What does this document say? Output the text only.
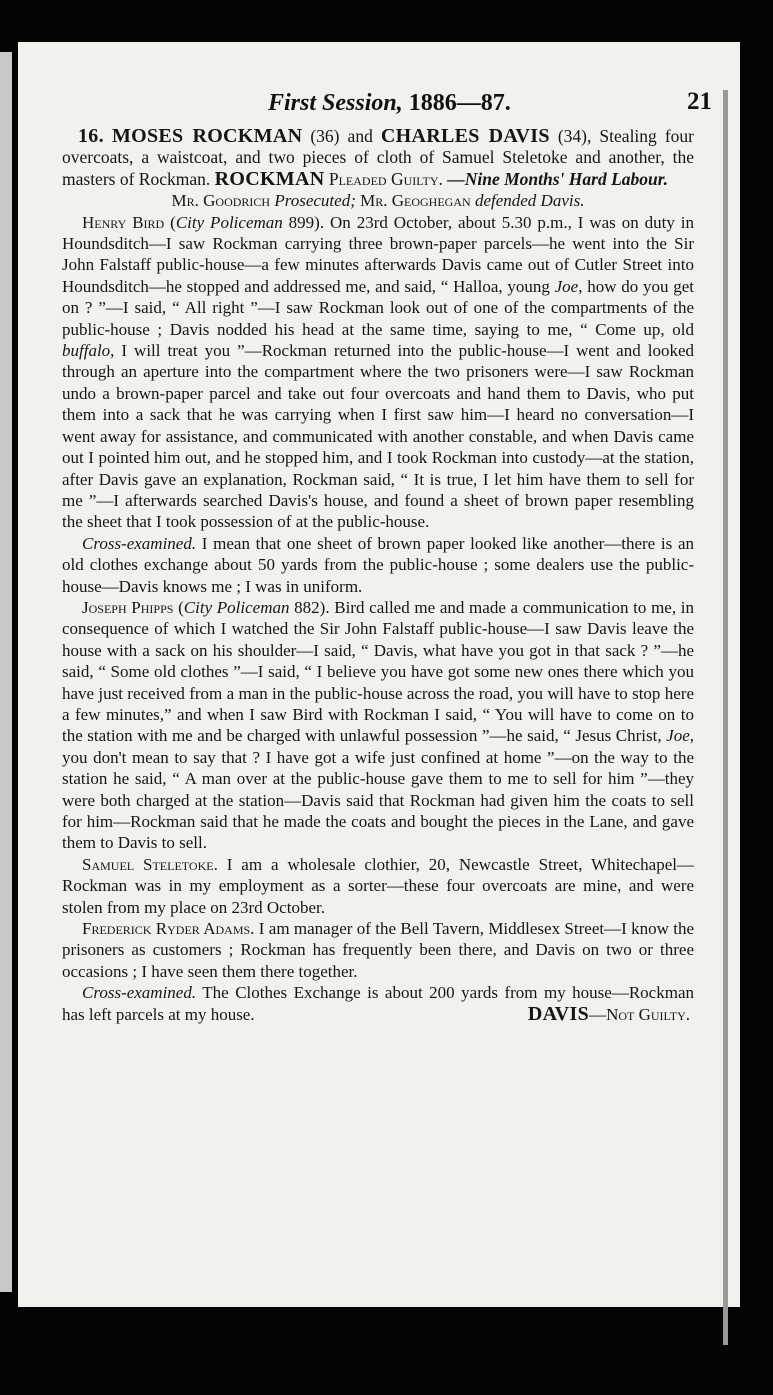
First Session, 1886—87.	21

16. MOSES ROCKMAN (36) and CHARLES DAVIS (34), Stealing four overcoats, a waistcoat, and two pieces of cloth of Samuel Steletoke and another, the masters of Rockman. ROCKMAN Pleaded Guilty. —Nine Months' Hard Labour.

Mr. Goodrich Prosecuted; Mr. Geoghegan defended Davis.

Henry Bird (City Policeman 899). On 23rd October, about 5.30 p.m., I was on duty in Houndsditch—I saw Rockman carrying three brown-paper parcels—he went into the Sir John Falstaff public-house—a few minutes afterwards Davis came out of Cutler Street into Houndsditch—he stopped and addressed me, and said, “ Halloa, young Joe, how do you get on ? ”—I said, “ All right ”—I saw Rockman look out of one of the compartments of the public-house ; Davis nodded his head at the same time, saying to me, “ Come up, old buffalo, I will treat you ”—Rockman returned into the public-house—I went and looked through an aperture into the compartment where the two prisoners were—I saw Rockman undo a brown-paper parcel and take out four overcoats and hand them to Davis, who put them into a sack that he was carrying when I first saw him—I heard no conversation—I went away for assistance, and communicated with another constable, and when Davis came out I pointed him out, and he stopped him, and I took Rockman into custody—at the station, after Davis gave an explanation, Rockman said, “ It is true, I let him have them to sell for me ”—I afterwards searched Davis's house, and found a sheet of brown paper resembling the sheet that I took possession of at the public-house.

Cross-examined. I mean that one sheet of brown paper looked like another—there is an old clothes exchange about 50 yards from the public-house ; some dealers use the public-house—Davis knows me ; I was in uniform.

Joseph Phipps (City Policeman 882). Bird called me and made a communication to me, in consequence of which I watched the Sir John Falstaff public-house—I saw Davis leave the house with a sack on his shoulder—I said, “ Davis, what have you got in that sack ? ”—he said, “ Some old clothes ”—I said, “ I believe you have got some new ones there which you have just received from a man in the public-house across the road, you will have to stop here a few minutes,” and when I saw Bird with Rockman I said, “ You will have to come on to the station with me and be charged with unlawful possession ”—he said, “ Jesus Christ, Joe, you don't mean to say that ? I have got a wife just confined at home ”—on the way to the station he said, “ A man over at the public-house gave them to me to sell for him ”—they were both charged at the station—Davis said that Rockman had given him the coats to sell for him—Rockman said that he made the coats and bought the pieces in the Lane, and gave them to Davis to sell.

Samuel Steletoke. I am a wholesale clothier, 20, Newcastle Street, Whitechapel—Rockman was in my employment as a sorter—these four overcoats are mine, and were stolen from my place on 23rd October.

Frederick Ryder Adams. I am manager of the Bell Tavern, Middlesex Street—I know the prisoners as customers ; Rockman has frequently been there, and Davis on two or three occasions ; I have seen them there together.

Cross-examined. The Clothes Exchange is about 200 yards from my house—Rockman has left parcels at my house.	DAVIS—Not Guilty.
